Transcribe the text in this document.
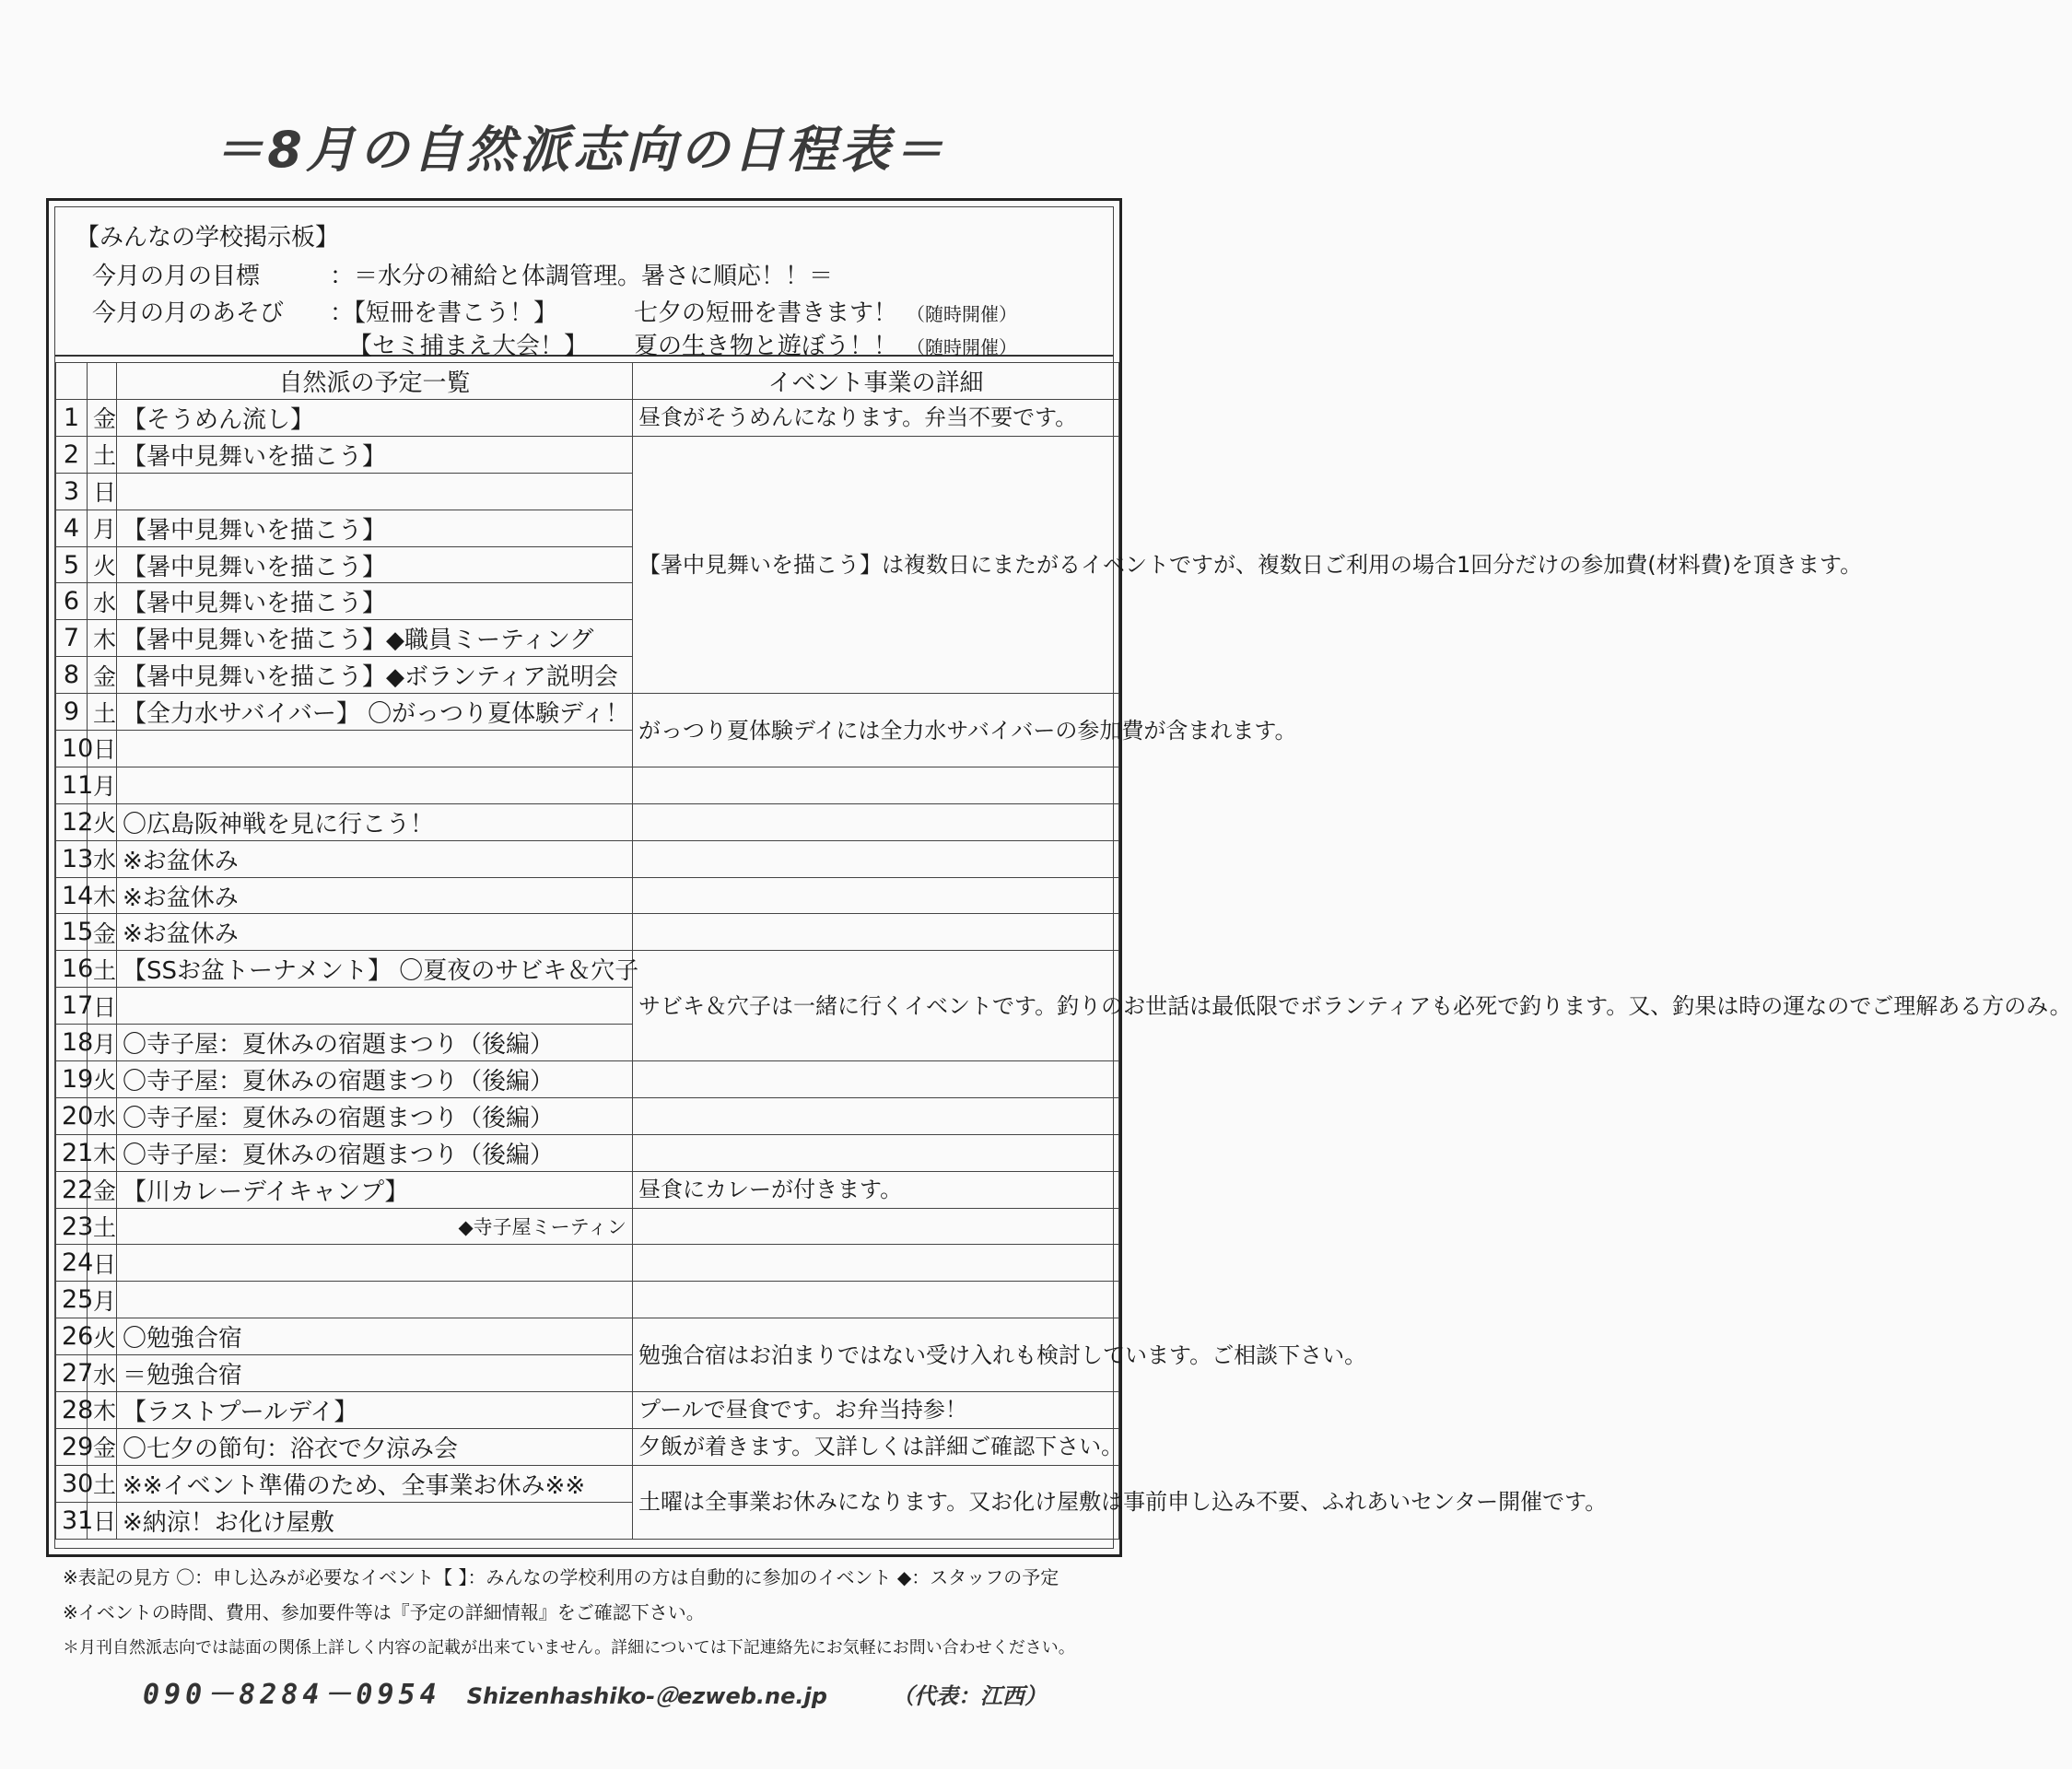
＝8月の自然派志向の日程表＝
【みんなの学校掲示板】
今月の月の目標	：＝水分の補給と体調管理。暑さに順応！！＝
今月の月のあそび ：【短冊を書こう！】	七夕の短冊を書きます！ （随時開催）
【セミ捕まえ大会！】 夏の生き物と遊ぼう！！ （随時開催）
		自然派の予定一覧	イベント事業の詳細
1	金	【そうめん流し】	昼食がそうめんになります。弁当不要です。
2	土	【暑中見舞いを描こう】	【暑中見舞いを描こう】は複数日にまたがるイベントですが、複数日ご利用の場合1回分だけの参加費(材料費)を頂きます。
3	日		
4	月	【暑中見舞いを描こう】	
5	火	【暑中見舞いを描こう】	
6	水	【暑中見舞いを描こう】	
7	木	【暑中見舞いを描こう】◆職員ミーティング	
8	金	【暑中見舞いを描こう】◆ボランティア説明会	
9	土	【全力水サバイバー】 〇がっつり夏体験ディ！	がっつり夏体験デイには全力水サバイバーの参加費が含まれます。
10	日		
11	月		
12	火	〇広島阪神戦を見に行こう！	
13	水	※お盆休み	
14	木	※お盆休み	
15	金	※お盆休み	
16	土	【SSお盆トーナメント】 〇夏夜のサビキ＆穴子	サビキ＆穴子は一緒に行くイベントです。釣りのお世話は最低限でボランティアも必死で釣ります。又、釣果は時の運なのでご理解ある方のみ。
17	日		
18	月	〇寺子屋：夏休みの宿題まつり（後編）	
19	火	〇寺子屋：夏休みの宿題まつり（後編）	
20	水	〇寺子屋：夏休みの宿題まつり（後編）	
21	木	〇寺子屋：夏休みの宿題まつり（後編）	
22	金	【川カレーデイキャンプ】	昼食にカレーが付きます。
23	土	◆寺子屋ミーティン	
24	日		
25	月		
26	火	〇勉強合宿	勉強合宿はお泊まりではない受け入れも検討しています。ご相談下さい。
27	水	＝勉強合宿	
28	木	【ラストプールデイ】	プールで昼食です。お弁当持参！
29	金	〇七夕の節句：浴衣で夕涼み会	夕飯が着きます。又詳しくは詳細ご確認下さい。
30	土	※※イベント準備のため、全事業お休み※※	土曜は全事業お休みになります。又お化け屋敷は事前申し込み不要、ふれあいセンター開催です。
31	日	※納涼！お化け屋敷	
※表記の見方 〇：申し込みが必要なイベント【 】：みんなの学校利用の方は自動的に参加のイベント ◆：スタッフの予定
※イベントの時間、費用、参加要件等は『予定の詳細情報』をご確認下さい。
＊月刊自然派志向では誌面の関係上詳しく内容の記載が出来ていません。詳細については下記連絡先にお気軽にお問い合わせください。
090－8284－0954 Shizenhashiko-＠ezweb.ne.jp	（代表：江西）
